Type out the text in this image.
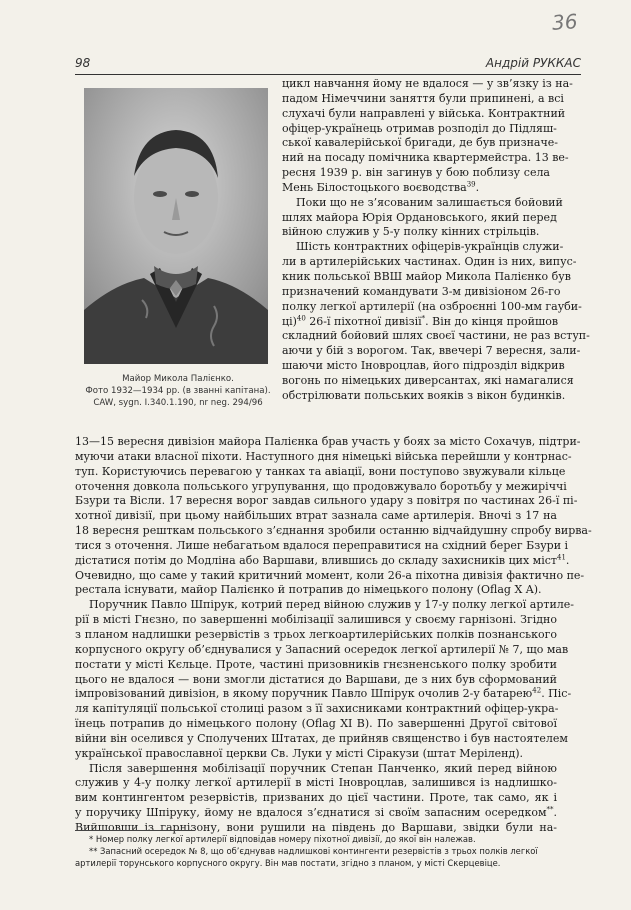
36
98	Андрій РУККАС
Майор Микола Палієнко.
Фото 1932—1934 рр. (в званні капітана).
CAW, sygn. I.340.1.190, nr neg. 294/96
цикл навчання йому не вдалося — у зв’язку із на-
падом Німеччини заняття були припинені, а всі
слухачі були направлені у війська. Контрактний
офіцер-українець отримав розподіл до Підляш-
ської кавалерійської бригади, де був призначе-
ний на посаду помічника квартермейстра. 13 ве-
ресня 1939 р. він загинув у бою поблизу села
Мень Білостоцького воєводства$^{39}$.
Поки що не з’ясованим залишається бойовий
шлях майора Юрія Ордановського, який перед
війною служив у 5-у полку кінних стрільців.
Шість контрактних офіцерів-українців служи-
ли в артилерійських частинах. Один із них, випус-
кник польської ВВШ майор Микола Палієнко був
призначений командувати 3-м дивізіоном 26-го
полку легкої артилерії (на озброєнні 100-мм гауби-
ці)$^{40}$ 26-ї піхотної дивізії*. Він до кінця пройшов
складний бойовий шлях своєї частини, не раз вступ-
аючи у бій з ворогом. Так, ввечері 7 вересня, зали-
шаючи місто Іновроцлав, його підрозділ відкрив
вогонь по німецьких диверсантах, які намагалися
обстрілювати польських вояків з вікон будинків.
13—15 вересня дивізіон майора Палієнка брав участь у боях за місто Сохачув, підтри-
муючи атаки власної піхоти. Наступного дня німецькі війська перейшли у контрнас-
туп. Користуючись перевагою у танках та авіації, вони поступово звужували кільце
оточення довкола польського угрупування, що продовжувало боротьбу у межиріччі
Бзури та Вісли. 17 вересня ворог завдав сильного удару з повітря по частинах 26-ї пі-
хотної дивізії, при цьому найбільших втрат зазнала саме артилерія. Вночі з 17 на
18 вересня решткам польського з’єднання зробили останню відчайдушну спробу вирва-
тися з оточення. Лише небагатьом вдалося переправитися на східний берег Бзури і
дістатися потім до Модліна або Варшави, влившись до складу захисників цих міст$^{41}$.
Очевидно, що саме у такий критичний момент, коли 26-а піхотна дивізія фактично пе-
рестала існувати, майор Палієнко й потрапив до німецького полону (Oflag X A).
Поручник Павло Шпірук, котрий перед війною служив у 17-у полку легкої артиле-
рії в місті Гнєзно, по завершенні мобілізації залишився у своєму гарнізоні. Згідно
з планом надлишки резервістів з трьох легкоартилерійських полків познанського
корпусного округу об’єднувалися у Запасний осередок легкої артилерії № 7, що мав
постати у місті Кєльце. Проте, частині призовників гнєзненського полку зробити
цього не вдалося — вони змогли дістатися до Варшави, де з них був сформований
імпровізований дивізіон, в якому поручник Павло Шпірук очолив 2-у батарею$^{42}$. Піс-
ля капітуляції польської столиці разом з її захисниками контрактний офіцер-укра-
їнець потрапив до німецького полону (Oflag XI B). По завершенні Другої світової
війни він оселився у Сполучених Штатах, де прийняв священство і був настоятелем
української православної церкви Св. Луки у місті Сіракузи (штат Меріленд).
Після завершення мобілізації поручник Степан Панченко, який перед війною
служив у 4-у полку легкої артилерії в місті Іновроцлав, залишився із надлишко-
вим контингентом резервістів, призваних до цієї частини. Проте, так само, як і
у поручику Шпіруку, йому не вдалося з’єднатися зі своїм запасним осередком**.
Вийшовши із гарнізону, вони рушили на південь до Варшави, звідки були на-
* Номер полку легкої артилерії відповідав номеру піхотної дивізії, до якої він належав.
** Запасний осередок № 8, що об’єднував надлишкові контингенти резервістів з трьох полків легкої
артилерії торунського корпусного округу. Він мав постати, згідно з планом, у місті Скерцевіце.
